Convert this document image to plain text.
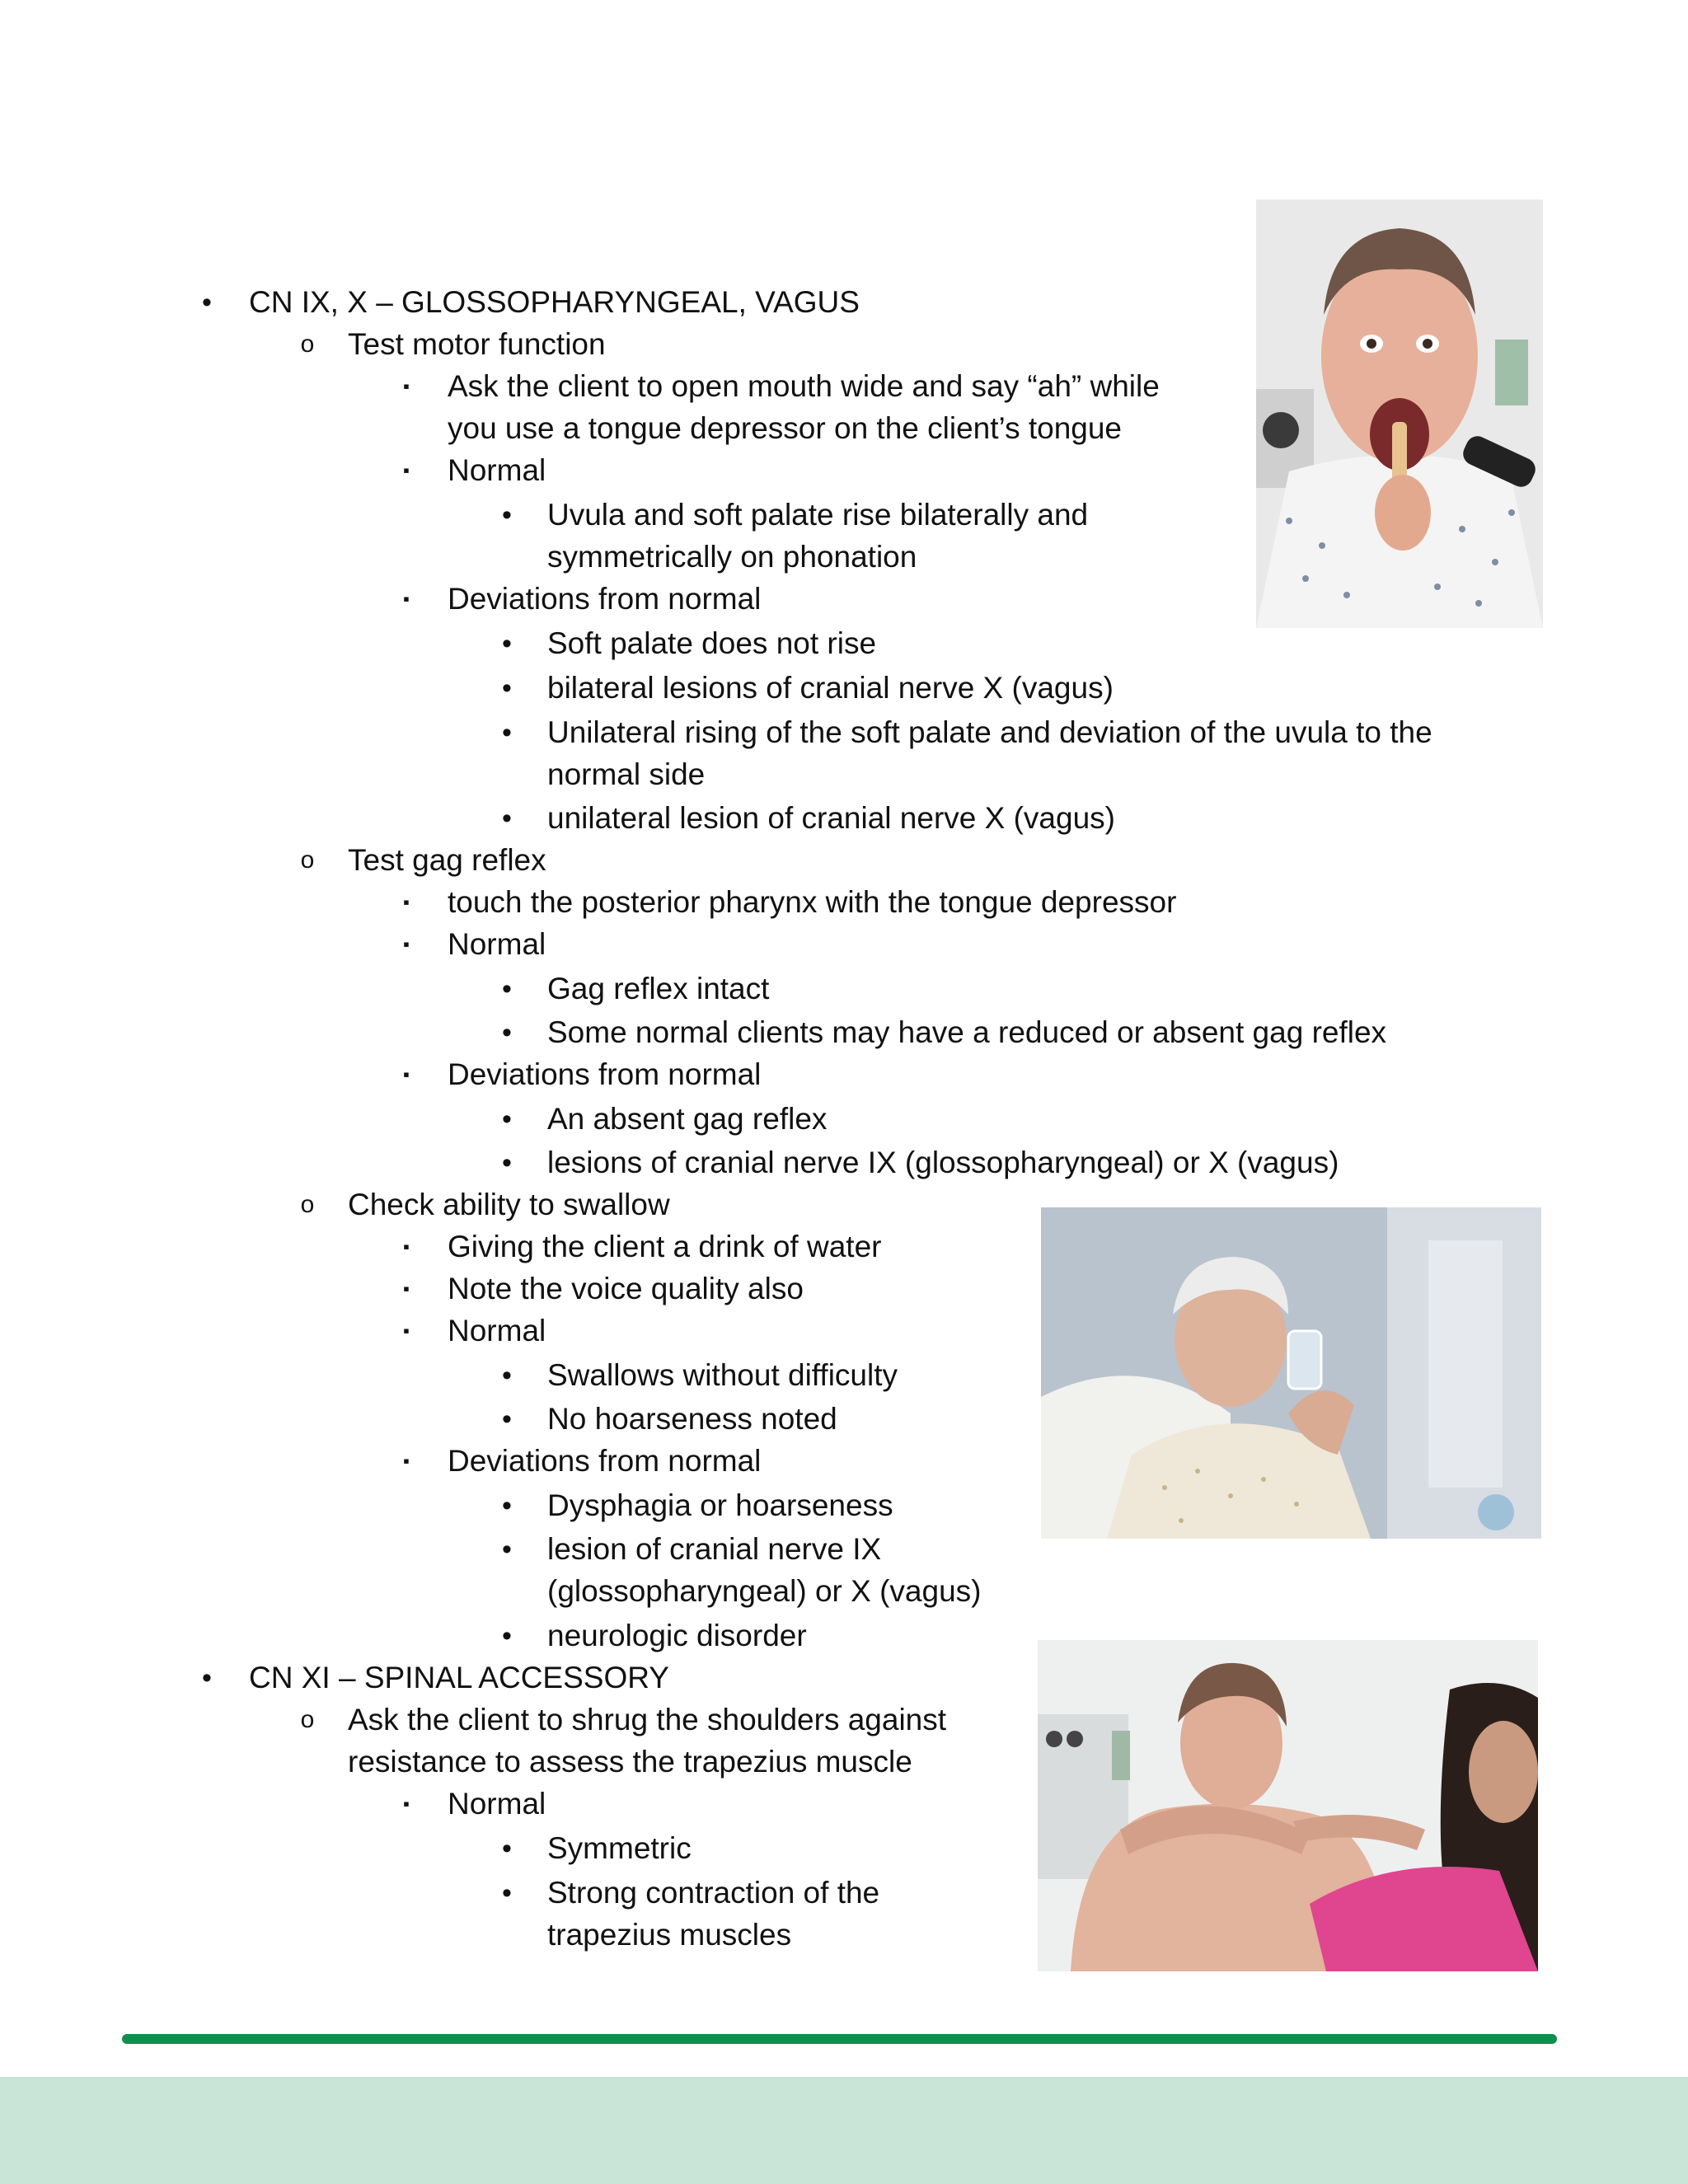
• CN IX, X – GLOSSOPHARYNGEAL, VAGUS
o Test motor function
▪ Ask the client to open mouth wide and say “ah” while
you use a tongue depressor on the client’s tongue
▪ Normal
• Uvula and soft palate rise bilaterally and
symmetrically on phonation
▪ Deviations from normal
• Soft palate does not rise
• bilateral lesions of cranial nerve X (vagus)
• Unilateral rising of the soft palate and deviation of the uvula to the
normal side
• unilateral lesion of cranial nerve X (vagus)
o Test gag reflex
▪ touch the posterior pharynx with the tongue depressor
▪ Normal
• Gag reflex intact
• Some normal clients may have a reduced or absent gag reflex
▪ Deviations from normal
• An absent gag reflex
• lesions of cranial nerve IX (glossopharyngeal) or X (vagus)
o Check ability to swallow
▪ Giving the client a drink of water
▪ Note the voice quality also
▪ Normal
• Swallows without difficulty
• No hoarseness noted
▪ Deviations from normal
• Dysphagia or hoarseness
• lesion of cranial nerve IX
(glossopharyngeal) or X (vagus)
• neurologic disorder
• CN XI – SPINAL ACCESSORY
o Ask the client to shrug the shoulders against
resistance to assess the trapezius muscle
▪ Normal
• Symmetric
• Strong contraction of the
trapezius muscles
